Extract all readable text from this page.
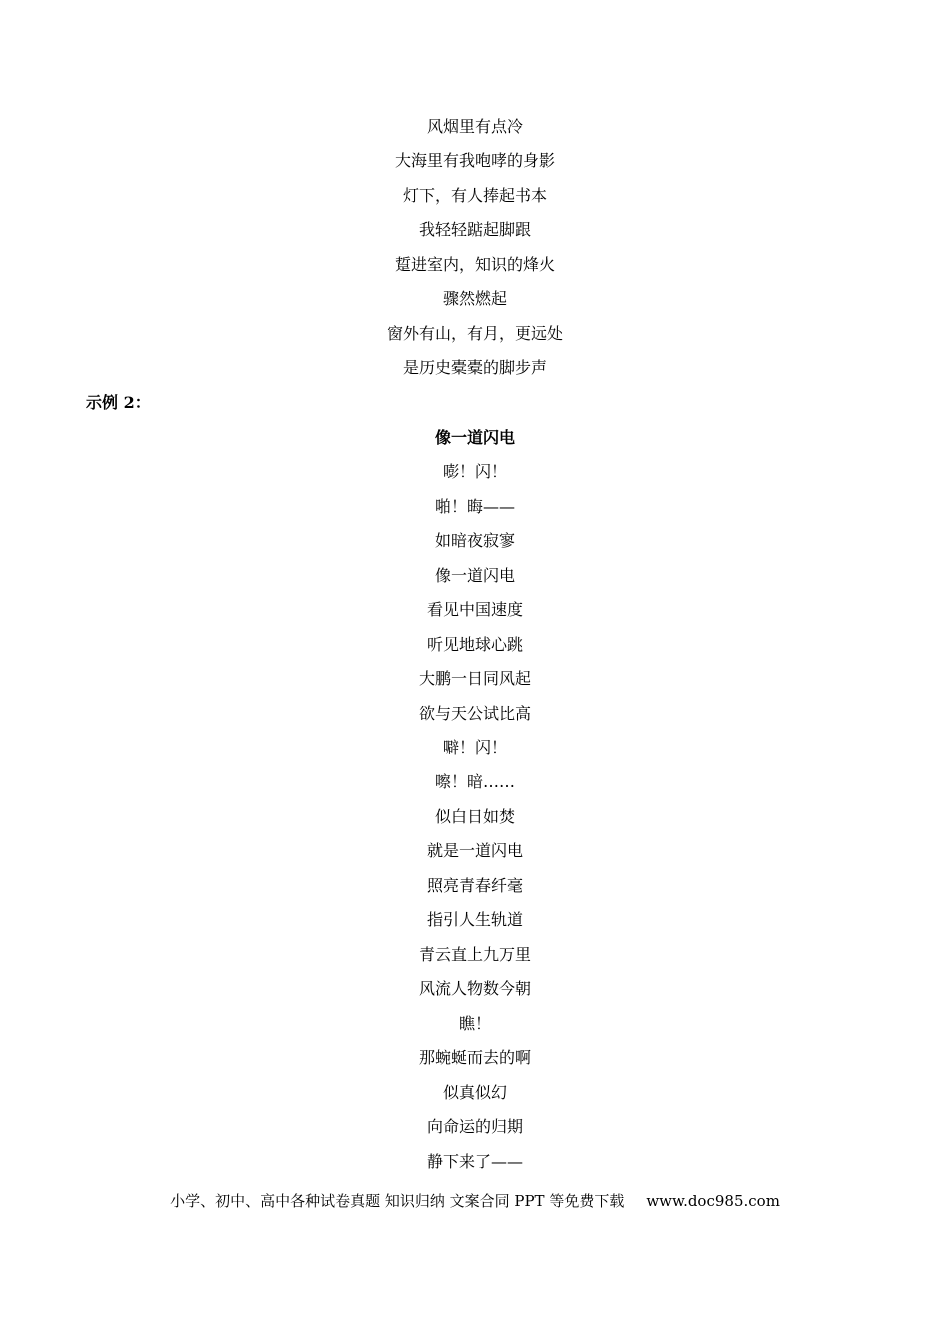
风烟里有点冷
大海里有我咆哮的身影
灯下，有人捧起书本
我轻轻踮起脚跟
踅进室内，知识的烽火
骤然燃起
窗外有山，有月，更远处
是历史橐橐的脚步声
示例 2：
像一道闪电
嘭！闪！
啪！晦——
如暗夜寂寥
像一道闪电
看见中国速度
听见地球心跳
大鹏一日同风起
欲与天公试比高
噼！闪！
嚓！暗……
似白日如焚
就是一道闪电
照亮青春纤毫
指引人生轨道
青云直上九万里
风流人物数今朝
瞧！
那蜿蜒而去的啊
似真似幻
向命运的归期
静下来了——
小学、初中、高中各种试卷真题 知识归纳 文案合同 PPT 等免费下载 www.doc985.com
